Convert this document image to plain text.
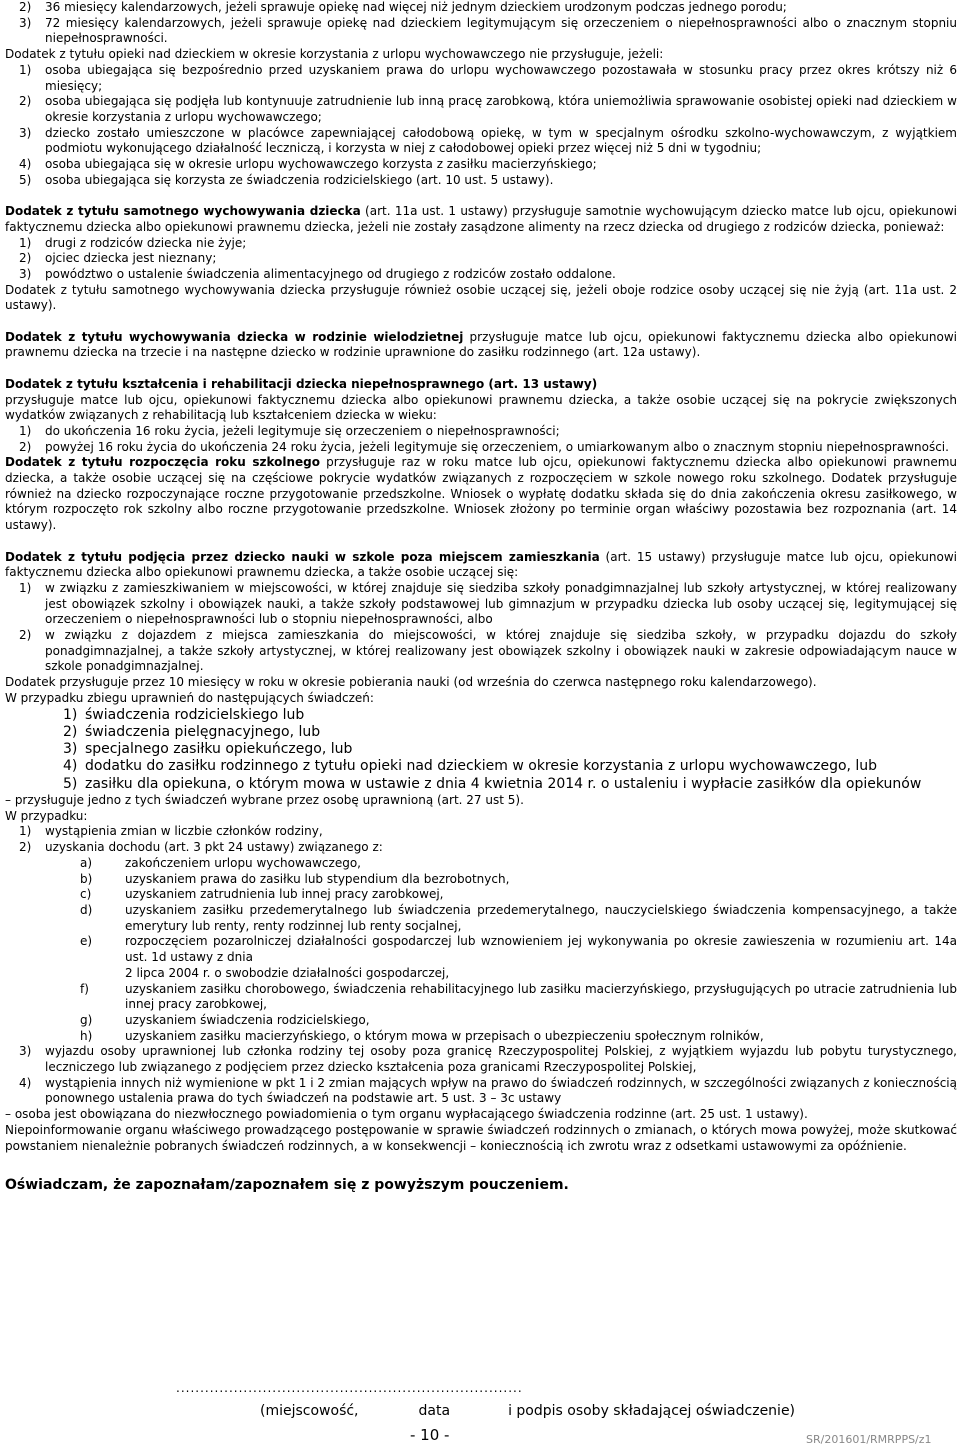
2)	36 miesięcy kalendarzowych, jeżeli sprawuje opiekę nad więcej niż jednym dzieckiem urodzonym podczas jednego porodu;
3)	72 miesięcy kalendarzowych, jeżeli sprawuje opiekę nad dzieckiem legitymującym się orzeczeniem o niepełnosprawności albo o znacznym stopniu niepełnosprawności.

Dodatek z tytułu opieki nad dzieckiem w okresie korzystania z urlopu wychowawczego nie przysługuje, jeżeli:

1)	osoba ubiegająca się bezpośrednio przed uzyskaniem prawa do urlopu wychowawczego pozostawała w stosunku pracy przez okres krótszy niż 6 miesięcy;
2)	osoba ubiegająca się podjęła lub kontynuuje zatrudnienie lub inną pracę zarobkową, która uniemożliwia sprawowanie osobistej opieki nad dzieckiem w okresie korzystania z urlopu wychowawczego;
3)	dziecko zostało umieszczone w placówce zapewniającej całodobową opiekę, w tym w specjalnym ośrodku szkolno-wychowawczym, z wyjątkiem podmiotu wykonującego działalność leczniczą, i korzysta w niej z całodobowej opieki przez więcej niż 5 dni w tygodniu;
4)	osoba ubiegająca się w okresie urlopu wychowawczego korzysta z zasiłku macierzyńskiego;
5)	osoba ubiegająca się korzysta ze świadczenia rodzicielskiego (art. 10 ust. 5 ustawy).

Dodatek z tytułu samotnego wychowywania dziecka (art. 11a ust. 1 ustawy) przysługuje samotnie wychowującym dziecko matce lub ojcu, opiekunowi faktycznemu dziecka albo opiekunowi prawnemu dziecka, jeżeli nie zostały zasądzone alimenty na rzecz dziecka od drugiego z rodziców dziecka, ponieważ:

1)	drugi z rodziców dziecka nie żyje;
2)	ojciec dziecka jest nieznany;
3)	powództwo o ustalenie świadczenia alimentacyjnego od drugiego z rodziców zostało oddalone.

Dodatek z tytułu samotnego wychowywania dziecka przysługuje również osobie uczącej się, jeżeli oboje rodzice osoby uczącej się nie żyją (art. 11a ust. 2 ustawy).

Dodatek z tytułu wychowywania dziecka w rodzinie wielodzietnej przysługuje matce lub ojcu, opiekunowi faktycznemu dziecka albo opiekunowi prawnemu dziecka na trzecie i na następne dziecko w rodzinie uprawnione do zasiłku rodzinnego (art. 12a ustawy).

Dodatek z tytułu kształcenia i rehabilitacji dziecka niepełnosprawnego (art. 13 ustawy)

przysługuje matce lub ojcu, opiekunowi faktycznemu dziecka albo opiekunowi prawnemu dziecka, a także osobie uczącej się na pokrycie zwiększonych wydatków związanych z rehabilitacją lub kształceniem dziecka w wieku:

1)	do ukończenia 16 roku życia, jeżeli legitymuje się orzeczeniem o niepełnosprawności;
2)	powyżej 16 roku życia do ukończenia 24 roku życia, jeżeli legitymuje się orzeczeniem, o umiarkowanym albo o znacznym stopniu niepełnosprawności.

Dodatek z tytułu rozpoczęcia roku szkolnego przysługuje raz w roku matce lub ojcu, opiekunowi faktycznemu dziecka albo opiekunowi prawnemu dziecka, a także osobie uczącej się na częściowe pokrycie wydatków związanych z rozpoczęciem w szkole nowego roku szkolnego. Dodatek przysługuje również na dziecko rozpoczynające roczne przygotowanie przedszkolne. Wniosek o wypłatę dodatku składa się do dnia zakończenia okresu zasiłkowego, w którym rozpoczęto rok szkolny albo roczne przygotowanie przedszkolne. Wniosek złożony po terminie organ właściwy pozostawia bez rozpoznania (art. 14 ustawy).

Dodatek z tytułu podjęcia przez dziecko nauki w szkole poza miejscem zamieszkania (art. 15 ustawy) przysługuje matce lub ojcu, opiekunowi faktycznemu dziecka albo opiekunowi prawnemu dziecka, a także osobie uczącej się:

1)	w związku z zamieszkiwaniem w miejscowości, w której znajduje się siedziba szkoły ponadgimnazjalnej lub szkoły artystycznej, w której realizowany jest obowiązek szkolny i obowiązek nauki, a także szkoły podstawowej lub gimnazjum w przypadku dziecka lub osoby uczącej się, legitymującej się orzeczeniem o niepełnosprawności lub o stopniu niepełnosprawności, albo
2)	w związku z dojazdem z miejsca zamieszkania do miejscowości, w której znajduje się siedziba szkoły, w przypadku dojazdu do szkoły ponadgimnazjalnej, a także szkoły artystycznej, w której realizowany jest obowiązek szkolny i obowiązek nauki w zakresie odpowiadającym nauce w szkole ponadgimnazjalnej.

Dodatek przysługuje przez 10 miesięcy w roku w okresie pobierania nauki (od września do czerwca następnego roku kalendarzowego).

W przypadku zbiegu uprawnień do następujących świadczeń:

1) świadczenia rodzicielskiego lub
2) świadczenia pielęgnacyjnego, lub
3) specjalnego zasiłku opiekuńczego, lub
4) dodatku do zasiłku rodzinnego z tytułu opieki nad dzieckiem w okresie korzystania z urlopu wychowawczego, lub
5) zasiłku dla opiekuna, o którym mowa w ustawie z dnia 4 kwietnia 2014 r. o ustaleniu i wypłacie zasiłków dla opiekunów

– przysługuje jedno z tych świadczeń wybrane przez osobę uprawnioną (art. 27 ust 5).

W przypadku:

1)	wystąpienia zmian w liczbie członków rodziny,
2)	uzyskania dochodu (art. 3 pkt 24 ustawy) związanego z:
a)	zakończeniem urlopu wychowawczego,
b)	uzyskaniem prawa do zasiłku lub stypendium dla bezrobotnych,
c)	uzyskaniem zatrudnienia lub innej pracy zarobkowej,
d)	uzyskaniem zasiłku przedemerytalnego lub świadczenia przedemerytalnego, nauczycielskiego świadczenia kompensacyjnego, a także emerytury lub renty, renty rodzinnej lub renty socjalnej,
e)	rozpoczęciem pozarolniczej działalności gospodarczej lub wznowieniem jej wykonywania po okresie zawieszenia w rozumieniu art. 14a ust. 1d ustawy z dnia
2 lipca 2004 r. o swobodzie działalności gospodarczej,
f)	uzyskaniem zasiłku chorobowego, świadczenia rehabilitacyjnego lub zasiłku macierzyńskiego, przysługujących po utracie zatrudnienia lub innej pracy zarobkowej,
g)	uzyskaniem świadczenia rodzicielskiego,
h)	uzyskaniem zasiłku macierzyńskiego, o którym mowa w przepisach o ubezpieczeniu społecznym rolników,
3)	wyjazdu osoby uprawnionej lub członka rodziny tej osoby poza granicę Rzeczypospolitej Polskiej, z wyjątkiem wyjazdu lub pobytu turystycznego, leczniczego lub związanego z podjęciem przez dziecko kształcenia poza granicami Rzeczypospolitej Polskiej,
4)	wystąpienia innych niż wymienione w pkt 1 i 2 zmian mających wpływ na prawo do świadczeń rodzinnych, w szczególności związanych z koniecznością ponownego ustalenia prawa do tych świadczeń na podstawie art. 5 ust. 3 – 3c ustawy

– osoba jest obowiązana do niezwłocznego powiadomienia o tym organu wypłacającego świadczenia rodzinne (art. 25 ust. 1 ustawy).

Niepoinformowanie organu właściwego prowadzącego postępowanie w sprawie świadczeń rodzinnych o zmianach, o których mowa powyżej, może skutkować powstaniem nienależnie pobranych świadczeń rodzinnych, a w konsekwencji – koniecznością ich zwrotu wraz z odsetkami ustawowymi za opóźnienie.

Oświadczam, że zapoznałam/zapoznałem się z powyższym pouczeniem.

........................................................................
(miejscowość,	data	i podpis osoby składającej oświadczenie)
- 10 -	SR/201601/RMRPPS/z1
